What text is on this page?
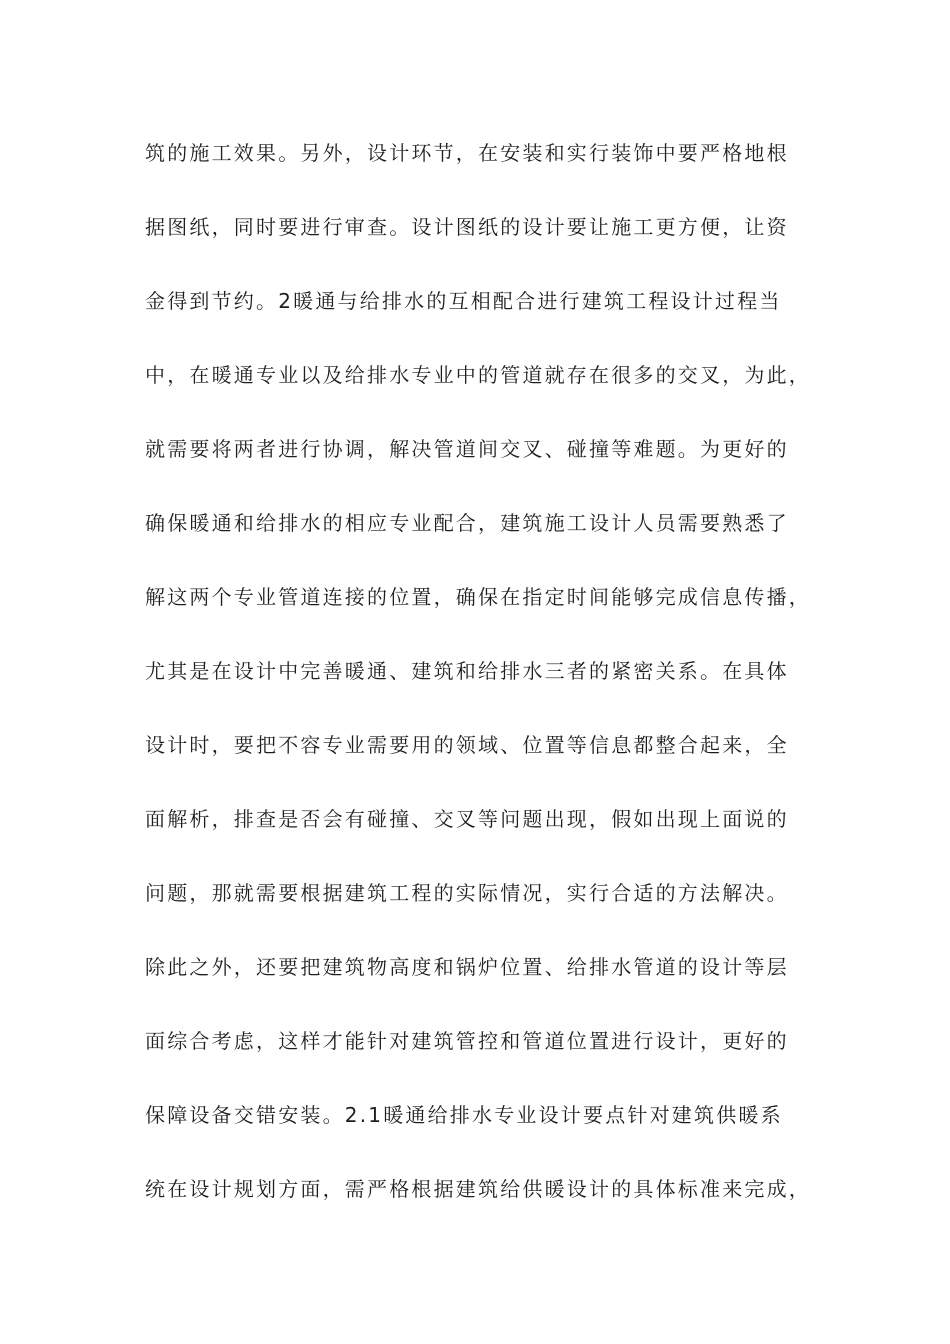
筑的施工效果。另外，设计环节，在安装和实行装饰中要严格地根
据图纸，同时要进行审查。设计图纸的设计要让施工更方便，让资
金得到节约。2暖通与给排水的互相配合进行建筑工程设计过程当
中，在暖通专业以及给排水专业中的管道就存在很多的交叉，为此，
就需要将两者进行协调，解决管道间交叉、碰撞等难题。为更好的
确保暖通和给排水的相应专业配合，建筑施工设计人员需要熟悉了
解这两个专业管道连接的位置，确保在指定时间能够完成信息传播，
尤其是在设计中完善暖通、建筑和给排水三者的紧密关系。在具体
设计时，要把不容专业需要用的领域、位置等信息都整合起来，全
面解析，排查是否会有碰撞、交叉等问题出现，假如出现上面说的
问题，那就需要根据建筑工程的实际情况，实行合适的方法解决。
除此之外，还要把建筑物高度和锅炉位置、给排水管道的设计等层
面综合考虑，这样才能针对建筑管控和管道位置进行设计，更好的
保障设备交错安装。2.1暖通给排水专业设计要点针对建筑供暖系
统在设计规划方面，需严格根据建筑给供暖设计的具体标准来完成，
